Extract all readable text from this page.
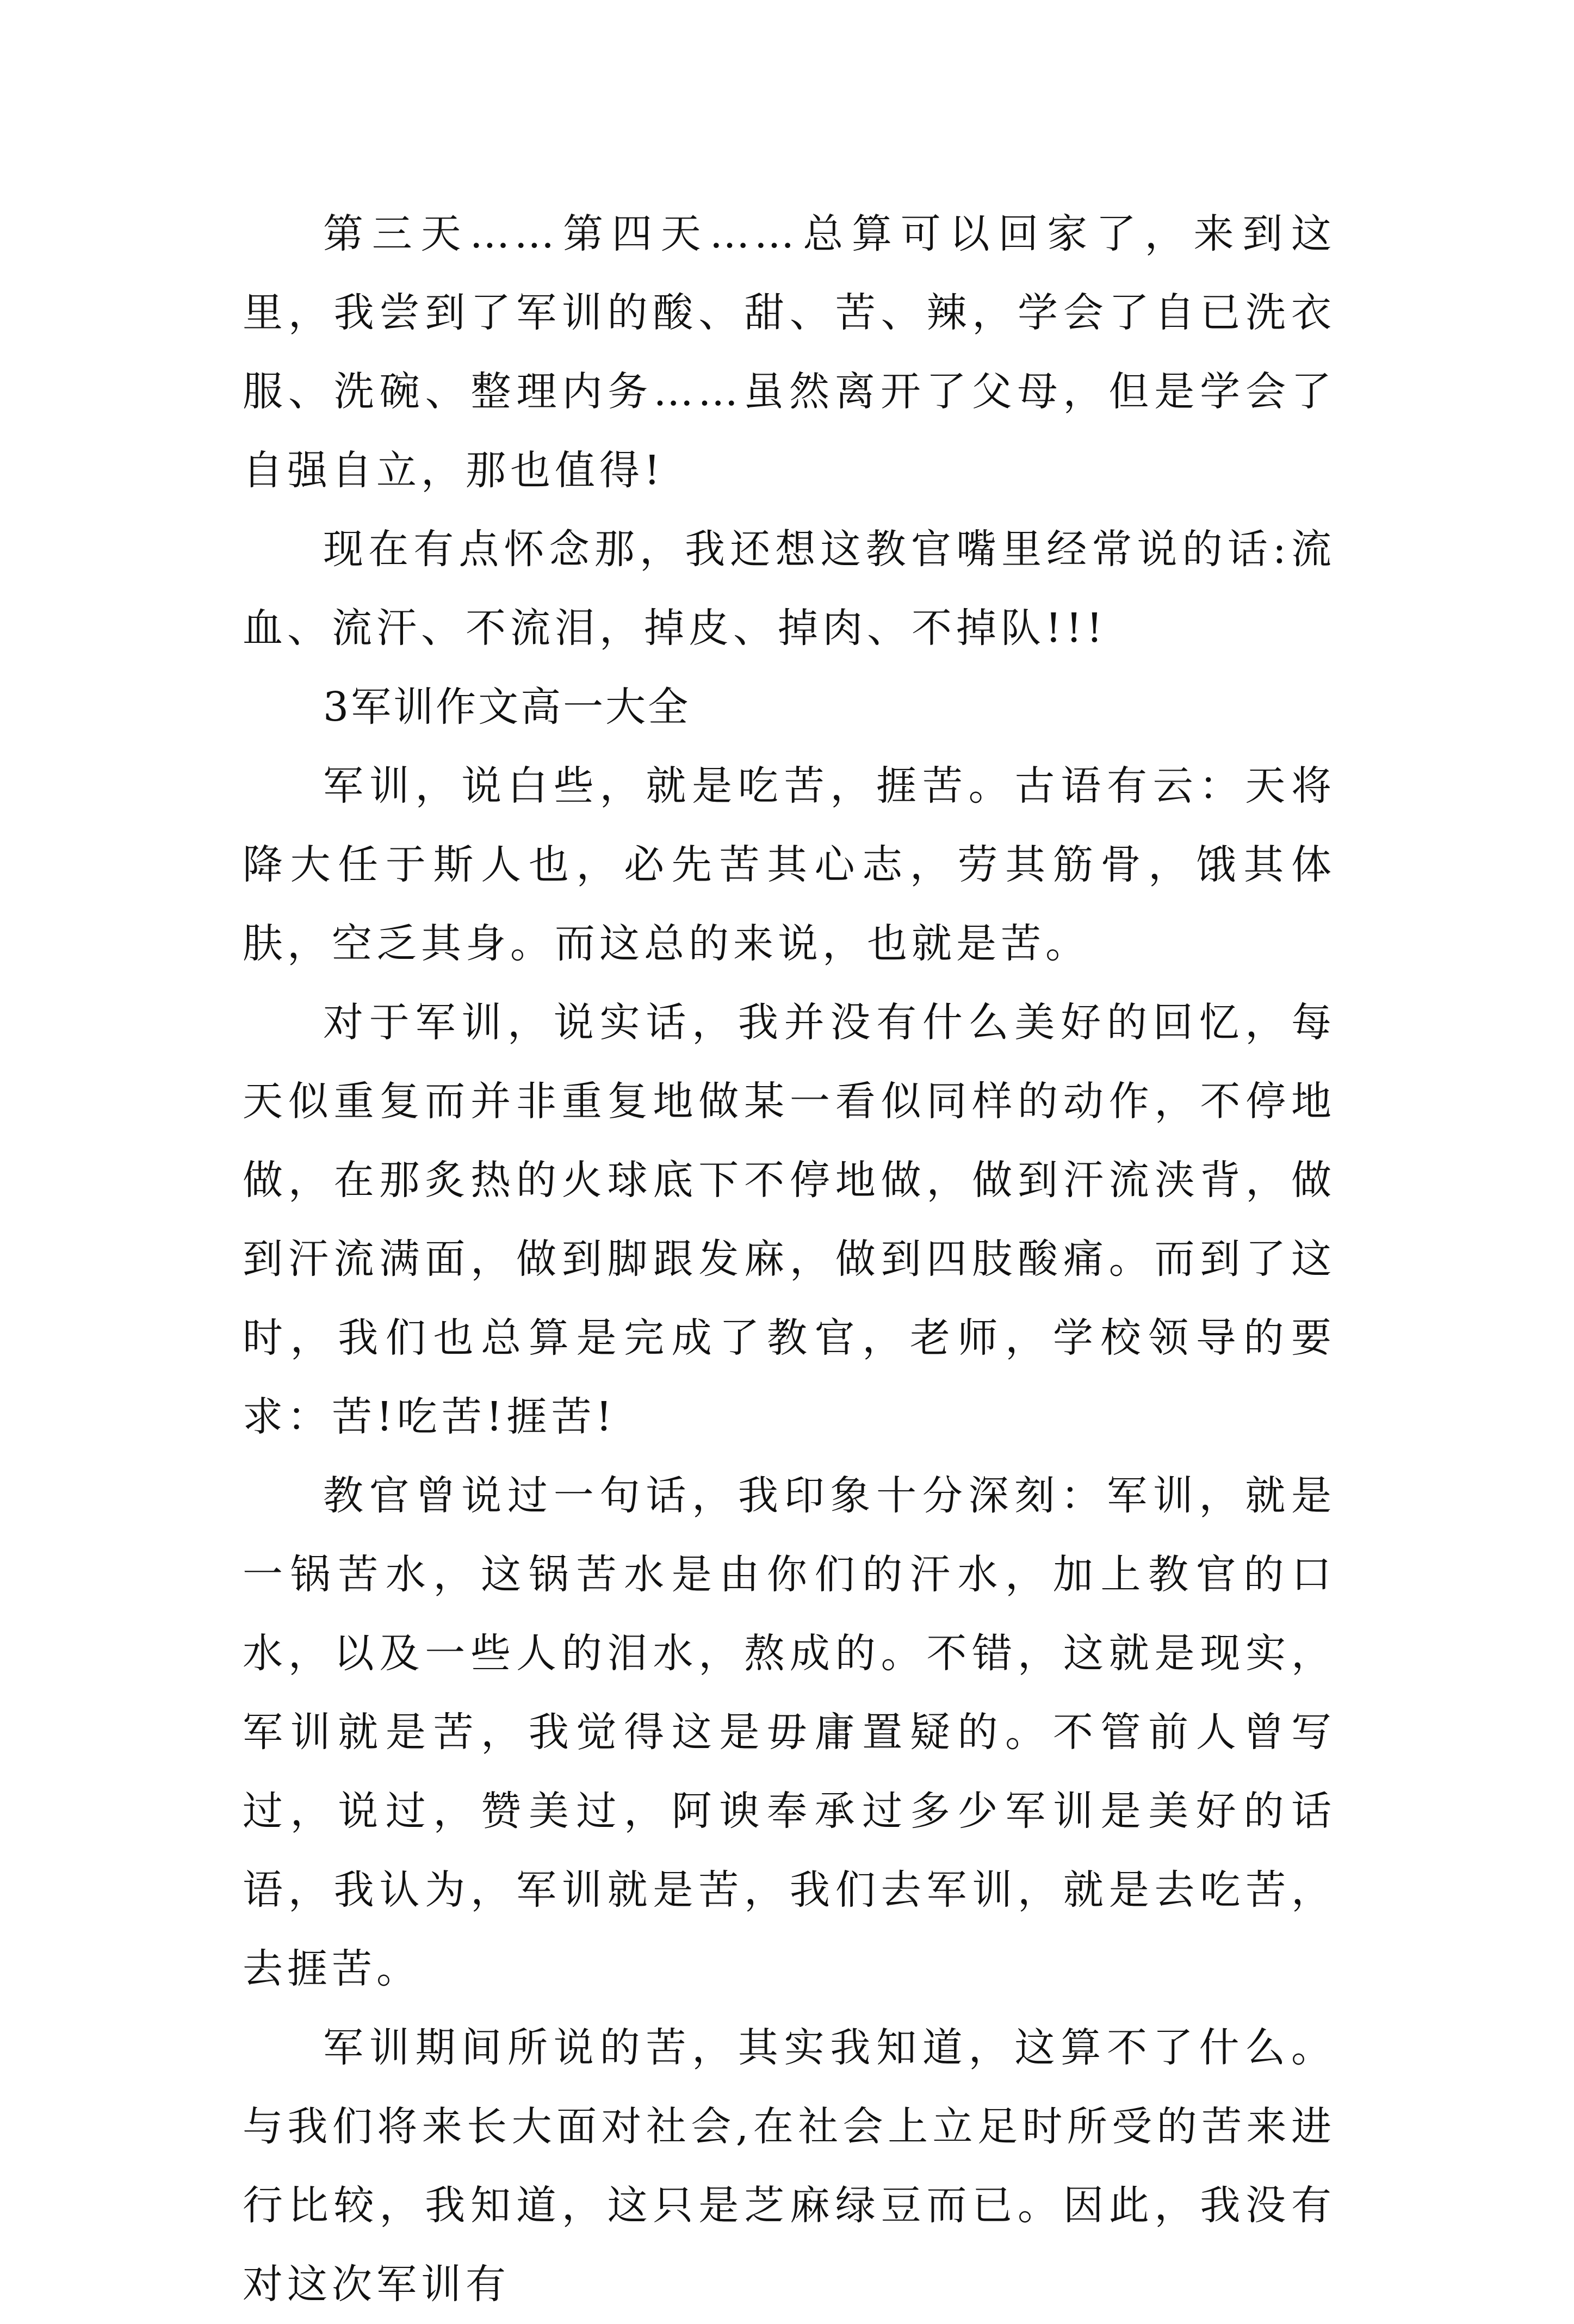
第三天……第四天……总算可以回家了，来到这里，我尝到了军训的酸、甜、苦、辣，学会了自已洗衣服、洗碗、整理内务……虽然离开了父母，但是学会了自强自立，那也值得!

现在有点怀念那，我还想这教官嘴里经常说的话:流血、流汗、不流泪，掉皮、掉肉、不掉队!!!

3军训作文高一大全

军训，说白些，就是吃苦，捱苦。古语有云：天将降大任于斯人也，必先苦其心志，劳其筋骨，饿其体肤，空乏其身。而这总的来说，也就是苦。

对于军训，说实话，我并没有什么美好的回忆，每天似重复而并非重复地做某一看似同样的动作，不停地做，在那炙热的火球底下不停地做，做到汗流浃背，做到汗流满面，做到脚跟发麻，做到四肢酸痛。而到了这时，我们也总算是完成了教官，老师，学校领导的要求：苦!吃苦!捱苦!

教官曾说过一句话，我印象十分深刻：军训，就是一锅苦水，这锅苦水是由你们的汗水，加上教官的口水，以及一些人的泪水，熬成的。不错，这就是现实，军训就是苦，我觉得这是毋庸置疑的。不管前人曾写过，说过，赞美过，阿谀奉承过多少军训是美好的话语，我认为，军训就是苦，我们去军训，就是去吃苦，去捱苦。

军训期间所说的苦，其实我知道，这算不了什么。与我们将来长大面对社会,在社会上立足时所受的苦来进行比较，我知道，这只是芝麻绿豆而已。因此，我没有对这次军训有
